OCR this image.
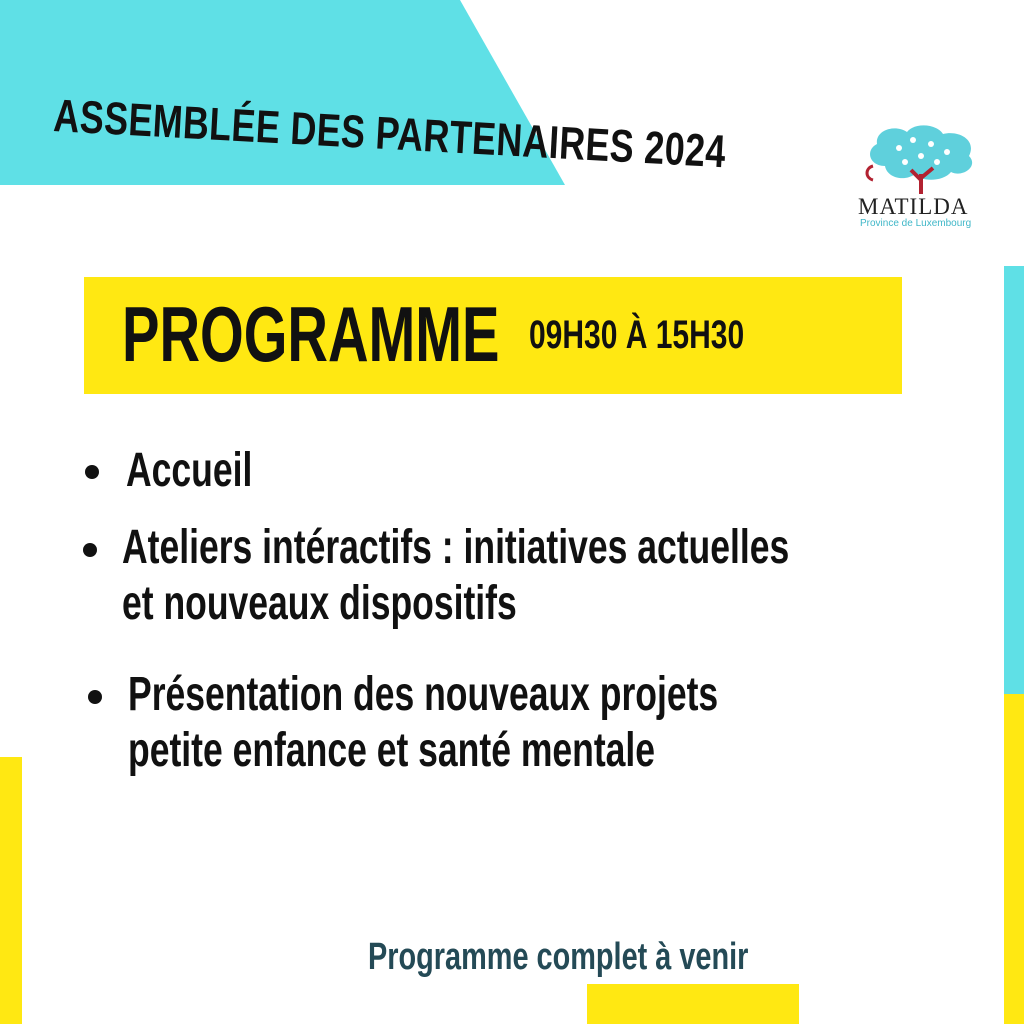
ASSEMBLÉE DES PARTENAIRES 2024
MATILDA
Province de Luxembourg
PROGRAMME 09H30 À 15H30
Accueil
Ateliers intéractifs : initiatives actuelles
et nouveaux dispositifs
Présentation des nouveaux projets
petite enfance et santé mentale
Programme complet à venir
